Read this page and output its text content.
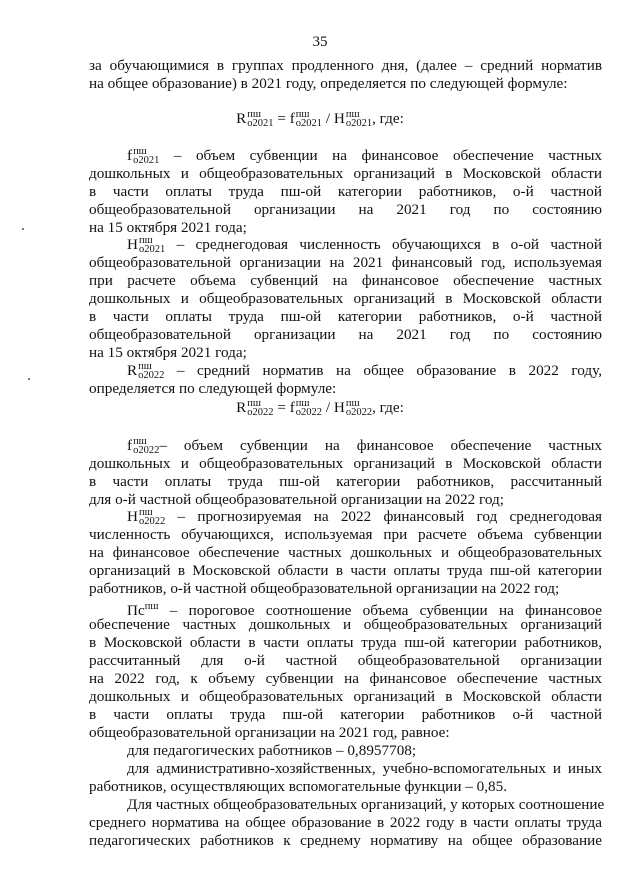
35
за обучающимися в группах продленного дня, (далее – средний норматив
на общее образование) в 2021 году, определяется по следующей формуле:
R пш
o2021 = f пш
o2021 / H пш
o2021 , где:
f пш
o2021 – объем субвенции на финансовое обеспечение частных
дошкольных и общеобразовательных организаций в Московской области
в части оплаты труда пш-ой категории работников, о-й частной
общеобразовательной организации на 2021 год по состоянию
на 15 октября 2021 года;
H пш
o2021 – среднегодовая численность обучающихся в о-ой частной
общеобразовательной организации на 2021 финансовый год, используемая
при расчете объема субвенций на финансовое обеспечение частных
дошкольных и общеобразовательных организаций в Московской области
в части оплаты труда пш-ой категории работников, о-й частной
общеобразовательной организации на 2021 год по состоянию
на 15 октября 2021 года;
R пш
o2022 – средний норматив на общее образование в 2022 году,
определяется по следующей формуле:
R пш
o2022 = f пш
o2022 / H пш
o2022 , где:
f пш
o2022 – объем субвенции на финансовое обеспечение частных
дошкольных и общеобразовательных организаций в Московской области
в части оплаты труда пш-ой категории работников, рассчитанный
для о-й частной общеобразовательной организации на 2022 год;
H пш
o2022 – прогнозируемая на 2022 финансовый год среднегодовая
численность обучающихся, используемая при расчете объема субвенции
на финансовое обеспечение частных дошкольных и общеобразовательных
организаций в Московской области в части оплаты труда пш-ой категории
работников, о-й частной общеобразовательной организации на 2022 год;
$Пс^{пш}$ – пороговое соотношение объема субвенции на финансовое
обеспечение частных дошкольных и общеобразовательных организаций
в Московской области в части оплаты труда пш-ой категории работников,
рассчитанный для о-й частной общеобразовательной организации
на 2022 год, к объему субвенции на финансовое обеспечение частных
дошкольных и общеобразовательных организаций в Московской области
в части оплаты труда пш-ой категории работников о-й частной
общеобразовательной организации на 2021 год, равное:
для педагогических работников – 0,8957708;
для административно-хозяйственных, учебно-вспомогательных и иных
работников, осуществляющих вспомогательные функции – 0,85.
Для частных общеобразовательных организаций, у которых соотношение
среднего норматива на общее образование в 2022 году в части оплаты труда
педагогических работников к среднему нормативу на общее образование
